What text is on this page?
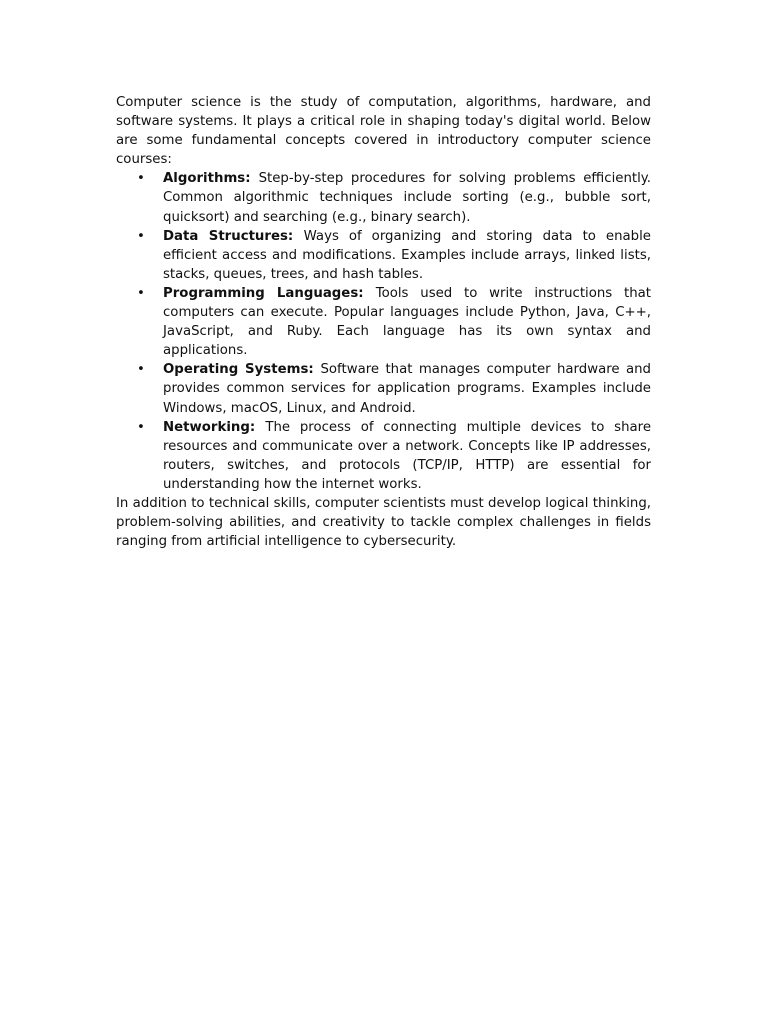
Computer science is the study of computation, algorithms, hardware, and software systems. It plays a critical role in shaping today's digital world. Below are some fundamental concepts covered in introductory computer science courses:

• Algorithms: Step-by-step procedures for solving problems efficiently. Common algorithmic techniques include sorting (e.g., bubble sort, quicksort) and searching (e.g., binary search).
• Data Structures: Ways of organizing and storing data to enable efficient access and modifications. Examples include arrays, linked lists, stacks, queues, trees, and hash tables.
• Programming Languages: Tools used to write instructions that computers can execute. Popular languages include Python, Java, C++, JavaScript, and Ruby. Each language has its own syntax and applications.
• Operating Systems: Software that manages computer hardware and provides common services for application programs. Examples include Windows, macOS, Linux, and Android.
• Networking: The process of connecting multiple devices to share resources and communicate over a network. Concepts like IP addresses, routers, switches, and protocols (TCP/IP, HTTP) are essential for understanding how the internet works.

In addition to technical skills, computer scientists must develop logical thinking, problem-solving abilities, and creativity to tackle complex challenges in fields ranging from artificial intelligence to cybersecurity.
